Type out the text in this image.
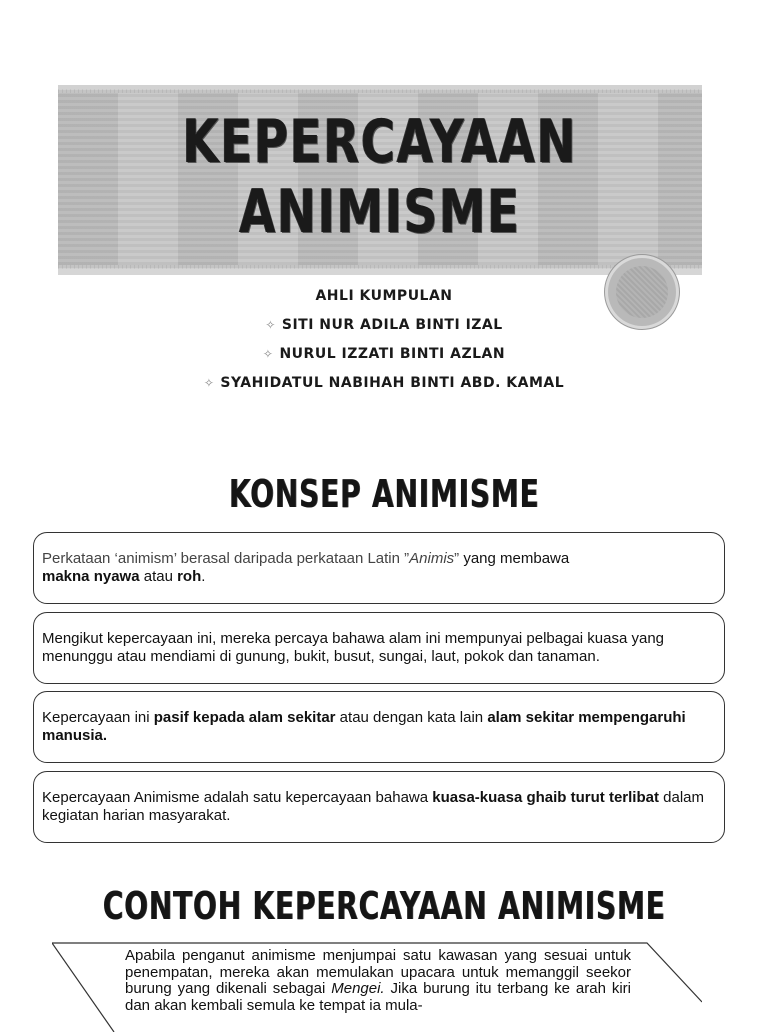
KEPERCAYAAN
ANIMISME
AHLI KUMPULAN
✧ SITI NUR ADILA BINTI IZAL
✧ NURUL IZZATI BINTI AZLAN
✧ SYAHIDATUL NABIHAH BINTI ABD. KAMAL
KONSEP ANIMISME
Perkataan ‘animism’ berasal daripada perkataan Latin ”Animis” yang membawa
makna nyawa atau roh.
Mengikut kepercayaan ini, mereka percaya bahawa alam ini mempunyai pelbagai kuasa yang menunggu atau mendiami di gunung, bukit, busut, sungai, laut, pokok dan tanaman.
Kepercayaan ini pasif kepada alam sekitar atau dengan kata lain alam sekitar mempengaruhi manusia.
Kepercayaan Animisme adalah satu kepercayaan bahawa kuasa-kuasa ghaib turut terlibat dalam kegiatan harian masyarakat.
CONTOH KEPERCAYAAN ANIMISME
Apabila penganut animisme menjumpai satu kawasan yang sesuai untuk penempatan, mereka akan memulakan upacara untuk memanggil seekor burung yang dikenali sebagai Mengei. Jika burung itu terbang ke arah kiri dan akan kembali semula ke tempat ia mula-
